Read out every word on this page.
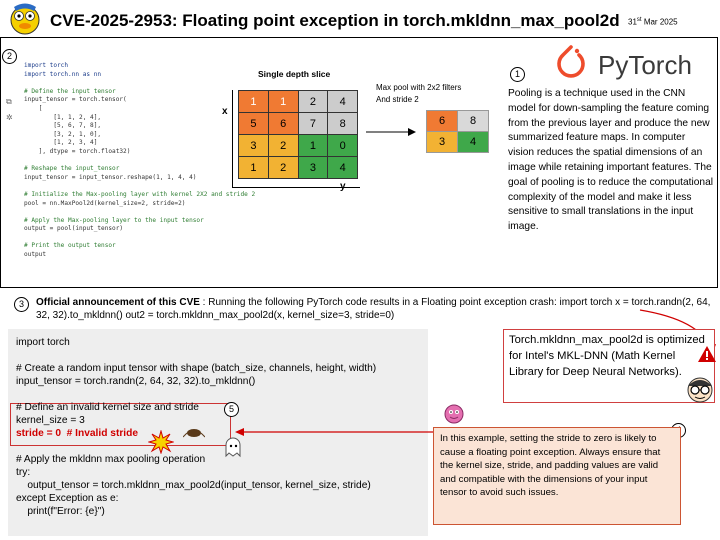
CVE-2025-2953: Floating point exception in torch.mkldnn_max_pool2d 31st Mar 2025
2
⧉
✲
import torch
import torch.nn as nn
# Define the input tensor
input_tensor = torch.tensor(
[
[1, 1, 2, 4],
[5, 6, 7, 8],
[3, 2, 1, 0],
[1, 2, 3, 4]
], dtype = torch.float32)
# Reshape the input_tensor
input_tensor = input_tensor.reshape(1, 1, 4, 4)
# Initialize the Max-pooling layer with kernel 2X2 and stride 2
pool = nn.MaxPool2d(kernel_size=2, stride=2)
# Apply the Max-pooling layer to the input tensor
output = pool(input_tensor)
# Print the output tensor
output
Single depth slice
x
y
1	1	2	4
5	6	7	8
3	2	1	0
1	2	3	4
Max pool with 2x2 filters
And stride 2
6	8
3	4
1	PyTorch
Pooling is a technique used in the CNN model for down-sampling the feature coming from the previous layer and produce the new summarized feature maps. In computer vision reduces the spatial dimensions of an image while retaining important features. The goal of pooling is to reduce the computational complexity of the model and make it less sensitive to small translations in the input image.
3	Official announcement of this CVE : Running the following PyTorch code results in a Floating point exception crash: import torch x = torch.randn(2, 64, 32, 32).to_mkldnn() out2 = torch.mkldnn_max_pool2d(x, kernel_size=3, stride=0)
import torch

# Create a random input tensor with shape (batch_size, channels, height, width)
input_tensor = torch.randn(2, 64, 32, 32).to_mkldnn()

# Define an invalid kernel size and stride
kernel_size = 3
stride = 0  # Invalid stride

# Apply the mkldnn max pooling operation
try:
output_tensor = torch.mkldnn_max_pool2d(input_tensor, kernel_size, stride)
except Exception as e:
print(f"Error: {e}")
5
Torch.mkldnn_max_pool2d is optimized for Intel's MKL-DNN (Math Kernel Library for Deep Neural Networks).
In this example, setting the stride to zero is likely to cause a floating point exception. Always ensure that the kernel size, stride, and padding values are valid and compatible with the dimensions of your input tensor to avoid such issues.
